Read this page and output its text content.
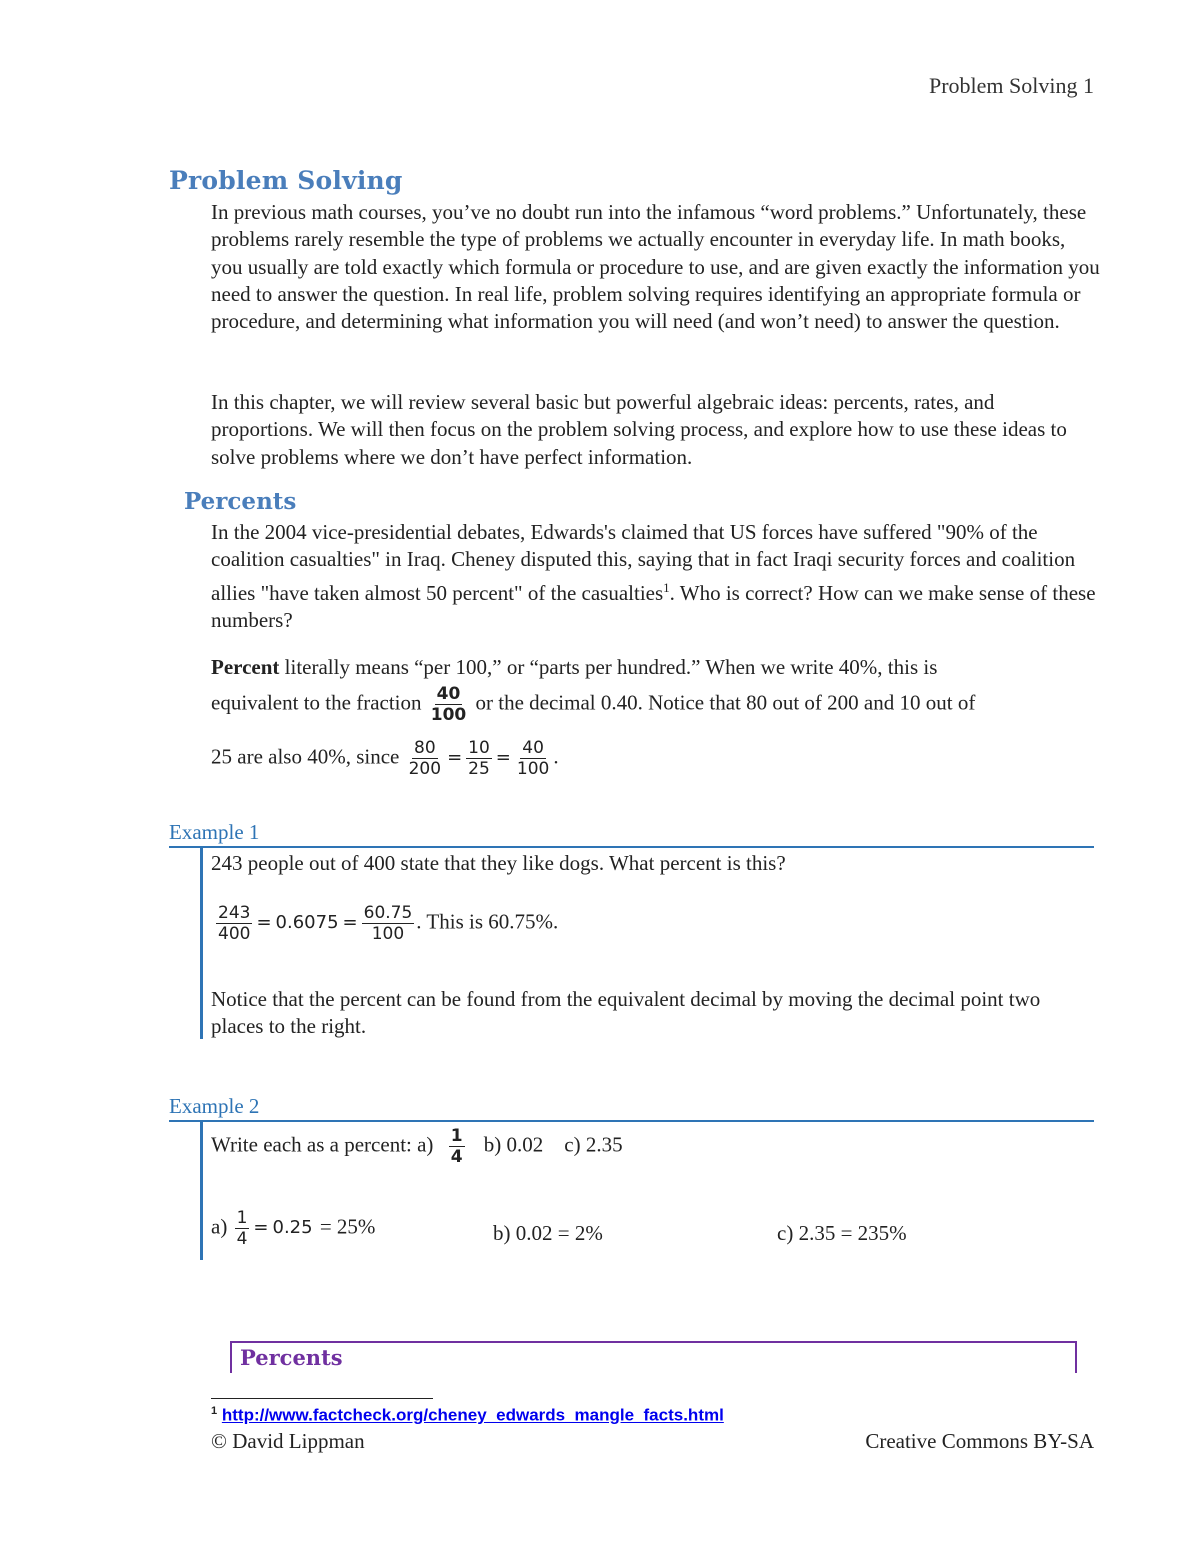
Problem Solving 1
Problem Solving
In previous math courses, you’ve no doubt run into the infamous “word problems.” Unfortunately, these problems rarely resemble the type of problems we actually encounter in everyday life. In math books, you usually are told exactly which formula or procedure to use, and are given exactly the information you need to answer the question. In real life, problem solving requires identifying an appropriate formula or procedure, and determining what information you will need (and won’t need) to answer the question.
In this chapter, we will review several basic but powerful algebraic ideas: percents, rates, and proportions. We will then focus on the problem solving process, and explore how to use these ideas to solve problems where we don’t have perfect information.
Percents
In the 2004 vice-presidential debates, Edwards's claimed that US forces have suffered "90% of the coalition casualties" in Iraq. Cheney disputed this, saying that in fact Iraqi security forces and coalition allies "have taken almost 50 percent" of the casualties$^1$. Who is correct? How can we make sense of these numbers?
Percent literally means “per 100,” or “parts per hundred.” When we write 40%, this is
equivalent to the fraction $\frac{40}{100}$ or the decimal 0.40. Notice that 80 out of 200 and 10 out of
25 are also 40%, since $\frac{80}{200} = \frac{10}{25} = \frac{40}{100}$ .
Example 1
243 people out of 400 state that they like dogs. What percent is this?
$\frac{243}{400} = 0.6075 = \frac{60.75}{100}$ . This is 60.75%.
Notice that the percent can be found from the equivalent decimal by moving the decimal point two places to the right.
Example 2
Write each as a percent: $a) \frac{1}{4} b$) 0.02    c) 2.35
$a) \frac{1}{4} = 0.25 = 25\%$	b) 0.02 = 2%	c) 2.35 = 235%
Percents
$^1$ http://www.factcheck.org/cheney_edwards_mangle_facts.html
© David Lippman	Creative Commons BY-SA
